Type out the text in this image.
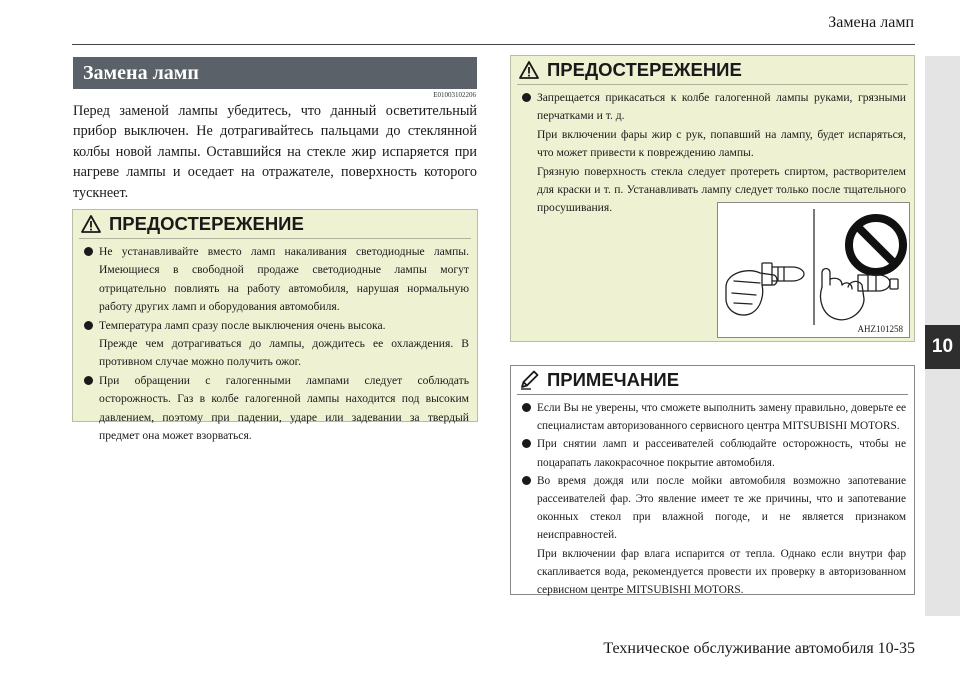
Замена ламп
10
Замена ламп
E01003102206

Перед заменой лампы убедитесь, что данный осветительный прибор выключен. Не дотрагивайтесь пальцами до стеклянной колбы новой лампы. Оставшийся на стекле жир испаряется при нагреве лампы и оседает на отражателе, поверхность которого тускнеет.

ПРЕДОСТЕРЕЖЕНИЕ

Не устанавливайте вместо ламп накаливания светодиодные лампы. Имеющиеся в свободной продаже светодиодные лампы могут отрицательно повлиять на работу автомобиля, нарушая нормальную работу других ламп и оборудования автомобиля.

Температура ламп сразу после выключения очень высока.

Прежде чем дотрагиваться до лампы, дождитесь ее охлаждения. В противном случае можно получить ожог.

При обращении с галогенными лампами следует соблюдать осторожность. Газ в колбе галогенной лампы находится под высоким давлением, поэтому при падении, ударе или задевании за твердый предмет она может взорваться.

ПРЕДОСТЕРЕЖЕНИЕ

Запрещается прикасаться к колбе галогенной лампы руками, грязными перчатками и т. д.

При включении фары жир с рук, попавший на лампу, будет испаряться, что может привести к повреждению лампы.

Грязную поверхность стекла следует протереть спиртом, растворителем для краски и т. п. Устанавливать лампу следует только после тщательного просушивания.

AHZ101258
ПРИМЕЧАНИЕ

Если Вы не уверены, что сможете выполнить замену правильно, доверьте ее специалистам авторизованного сервисного центра MITSUBISHI MOTORS.

При снятии ламп и рассеивателей соблюдайте осторожность, чтобы не поцарапать лакокрасочное покрытие автомобиля.

Во время дождя или после мойки автомобиля возможно запотевание рассеивателей фар. Это явление имеет те же причины, что и запотевание оконных стекол при влажной погоде, и не является признаком неисправностей.

При включении фар влага испарится от тепла. Однако если внутри фар скапливается вода, рекомендуется провести их проверку в авторизованном сервисном центре MITSUBISHI MOTORS.

Техническое обслуживание автомобиля 10-35
